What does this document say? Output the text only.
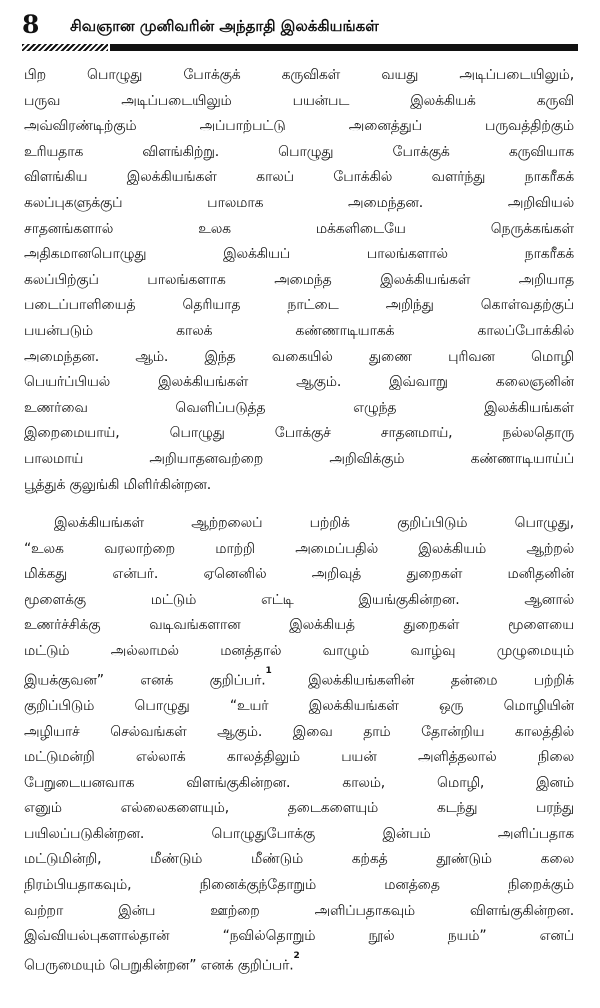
8 சிவஞான முனிவரின் அந்தாதி இலக்கியங்கள்

பிற பொழுது போக்குக் கருவிகள் வயது அடிப்படையிலும்,
பருவ அடிப்படையிலும் பயன்பட இலக்கியக் கருவி
அவ்விரண்டிற்கும் அப்பாற்பட்டு அனைத்துப் பருவத்திற்கும்
உரியதாக விளங்கிற்று. பொழுது போக்குக் கருவியாக
விளங்கிய இலக்கியங்கள் காலப் போக்கில் வளர்ந்து நாகரீகக்
கலப்புகளுக்குப் பாலமாக அமைந்தன. அறிவியல்
சாதனங்களால் உலக மக்களிடையே நெருக்கங்கள்
அதிகமானபொழுது இலக்கியப் பாலங்களால் நாகரீகக்
கலப்பிற்குப் பாலங்களாக அமைந்த இலக்கியங்கள் அறியாத
படைப்பாளியைத் தெரியாத நாட்டை அறிந்து கொள்வதற்குப்
பயன்படும் காலக் கண்ணாடியாகக் காலப்போக்கில்
அமைந்தன. ஆம். இந்த வகையில் துணை புரிவன மொழி
பெயர்ப்பியல் இலக்கியங்கள் ஆகும். இவ்வாறு கலைஞனின்
உணர்வை வெளிப்படுத்த எழுந்த இலக்கியங்கள்
இறைமையாய், பொழுது போக்குச் சாதனமாய், நல்லதொரு
பாலமாய் அறியாதனவற்றை அறிவிக்கும் கண்ணாடியாய்ப்
பூத்துக் குலுங்கி மிளிர்கின்றன.

இலக்கியங்கள் ஆற்றலைப் பற்றிக் குறிப்பிடும் பொழுது,
“உலக வரலாற்றை மாற்றி அமைப்பதில் இலக்கியம் ஆற்றல்
மிக்கது என்பர். ஏனெனில் அறிவுத் துறைகள் மனிதனின்
மூளைக்கு மட்டும் எட்டி இயங்குகின்றன. ஆனால்
உணர்ச்சிக்கு வடிவங்களான இலக்கியத் துறைகள் மூளையை
மட்டும் அல்லாமல் மனத்தால் வாழும் வாழ்வு முழுமையும்
இயக்குவன” எனக் குறிப்பர்.$^1$ இலக்கியங்களின் தன்மை பற்றிக்
குறிப்பிடும் பொழுது “உயர் இலக்கியங்கள் ஒரு மொழியின்
அழியாச் செல்வங்கள் ஆகும். இவை தாம் தோன்றிய காலத்தில்
மட்டுமன்றி எல்லாக் காலத்திலும் பயன் அளித்தலால் நிலை
பேறுடையனவாக விளங்குகின்றன. காலம், மொழி, இனம்
எனும் எல்லைகளையும், தடைகளையும் கடந்து பரந்து
பயிலப்படுகின்றன. பொழுதுபோக்கு இன்பம் அளிப்பதாக
மட்டுமின்றி, மீண்டும் மீண்டும் கற்கத் தூண்டும் கலை
நிரம்பியதாகவும், நினைக்குந்தோறும் மனத்தை நிறைக்கும்
வற்றா இன்ப ஊற்றை அளிப்பதாகவும் விளங்குகின்றன.
இவ்வியல்புகளால்தான் “நவில்தொறும் நூல் நயம்” எனப்
பெருமையும் பெறுகின்றன” எனக் குறிப்பர்.$^2$
